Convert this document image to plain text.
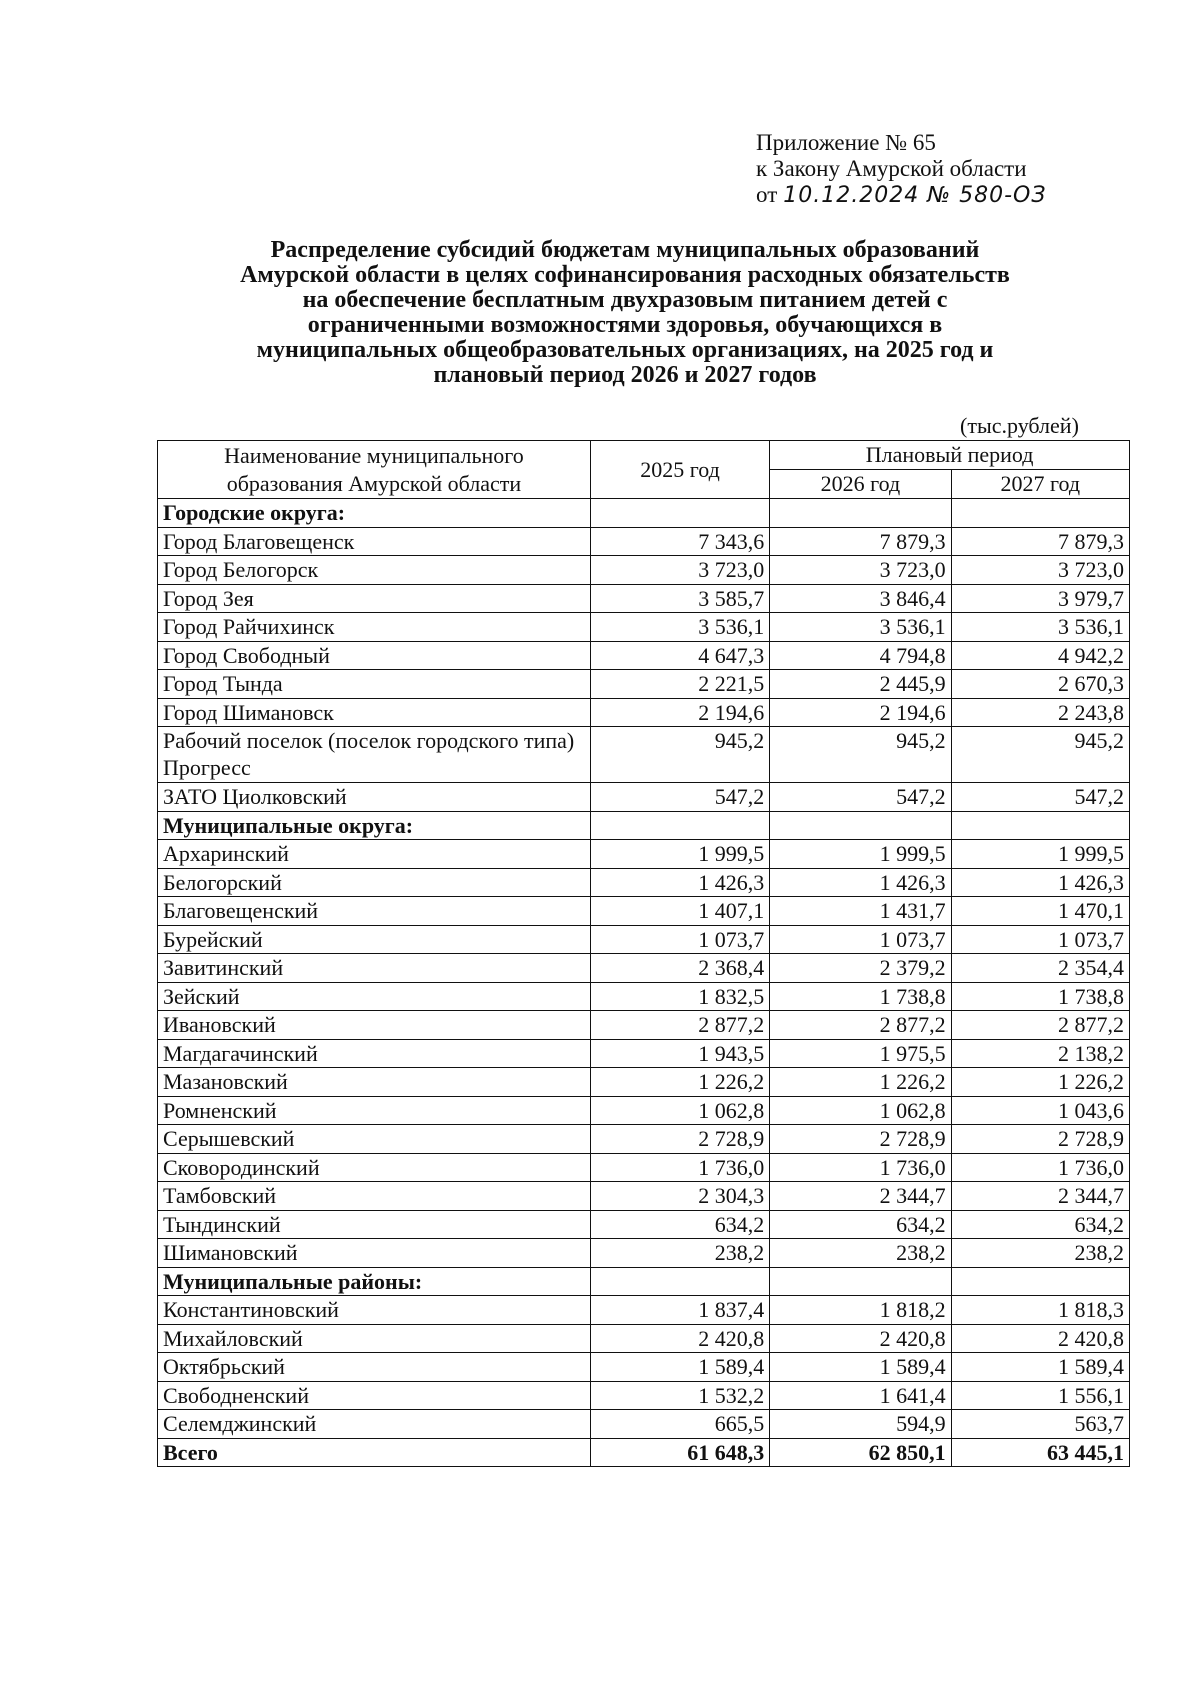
Приложение № 65
к Закону Амурской области
от 10.12.2024 № 580-ОЗ
Распределение субсидий бюджетам муниципальных образований
Амурской области в целях софинансирования расходных обязательств
на обеспечение бесплатным двухразовым питанием детей с
ограниченными возможностями здоровья, обучающихся в
муниципальных общеобразовательных организациях, на 2025 год и
плановый период 2026 и 2027 годов
(тыс.рублей)
Наименование муниципального
образования Амурской области	2025 год	Плановый период	
		2026 год	2027 год
Городские округа:			
Город Благовещенск	7 343,6	7 879,3	7 879,3
Город Белогорск	3 723,0	3 723,0	3 723,0
Город Зея	3 585,7	3 846,4	3 979,7
Город Райчихинск	3 536,1	3 536,1	3 536,1
Город Свободный	4 647,3	4 794,8	4 942,2
Город Тында	2 221,5	2 445,9	2 670,3
Город Шимановск	2 194,6	2 194,6	2 243,8
Рабочий поселок (поселок городского типа) Прогресс	945,2	945,2	945,2
ЗАТО Циолковский	547,2	547,2	547,2
Муниципальные округа:			
Архаринский	1 999,5	1 999,5	1 999,5
Белогорский	1 426,3	1 426,3	1 426,3
Благовещенский	1 407,1	1 431,7	1 470,1
Бурейский	1 073,7	1 073,7	1 073,7
Завитинский	2 368,4	2 379,2	2 354,4
Зейский	1 832,5	1 738,8	1 738,8
Ивановский	2 877,2	2 877,2	2 877,2
Магдагачинский	1 943,5	1 975,5	2 138,2
Мазановский	1 226,2	1 226,2	1 226,2
Ромненский	1 062,8	1 062,8	1 043,6
Серышевский	2 728,9	2 728,9	2 728,9
Сковородинский	1 736,0	1 736,0	1 736,0
Тамбовский	2 304,3	2 344,7	2 344,7
Тындинский	634,2	634,2	634,2
Шимановский	238,2	238,2	238,2
Муниципальные районы:			
Константиновский	1 837,4	1 818,2	1 818,3
Михайловский	2 420,8	2 420,8	2 420,8
Октябрьский	1 589,4	1 589,4	1 589,4
Свободненский	1 532,2	1 641,4	1 556,1
Селемджинский	665,5	594,9	563,7
Всего	61 648,3	62 850,1	63 445,1
